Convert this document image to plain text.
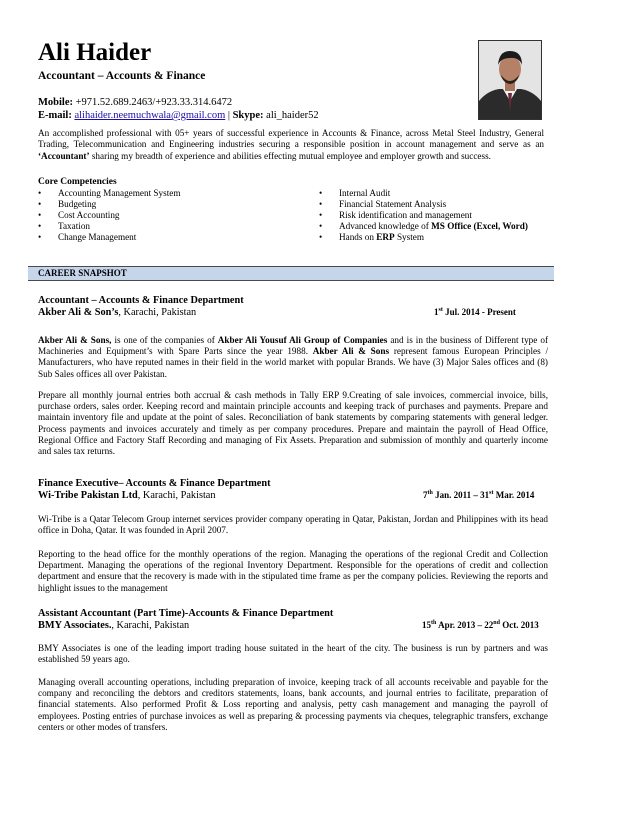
Ali Haider
Accountant – Accounts & Finance
Mobile: +971.52.689.2463/+923.33.314.6472
E-mail: alihaider.neemuchwala@gmail.com | Skype: ali_haider52

An accomplished professional with 05+ years of successful experience in Accounts & Finance, across Metal Steel Industry, General Trading, Telecommunication and Engineering industries securing a responsible position in account management and serve as an ‘Accountant’ sharing my breadth of experience and abilities effecting mutual employee and employer growth and success.

Core Competencies
• Accounting Management System
• Budgeting
• Cost Accounting
• Taxation
• Change Management
• Internal Audit
• Financial Statement Analysis
• Risk identification and management
• Advanced knowledge of MS Office (Excel, Word)
• Hands on ERP System
CAREER SNAPSHOT
Accountant – Accounts & Finance Department
Akber Ali & Son’s, Karachi, Pakistan	1st Jul. 2014 - Present

Akber Ali & Sons, is one of the companies of Akber Ali Yousuf Ali Group of Companies and is in the business of Different type of Machineries and Equipment’s with Spare Parts since the year 1988. Akber Ali & Sons represent famous European Principles / Manufacturers, who have reputed names in their field in the world market with popular Brands. We have (3) Major Sales offices and (8) Sub Sales offices all over Pakistan.

Prepare all monthly journal entries both accrual & cash methods in Tally ERP 9.Creating of sale invoices, commercial invoice, bills, purchase orders, sales order. Keeping record and maintain principle accounts and keeping track of purchases and payments. Prepare and maintain inventory file and update at the point of sales. Reconciliation of bank statements by comparing statements with general ledger. Process payments and invoices accurately and timely as per company procedures. Prepare and maintain the payroll of Head Office, Regional Office and Factory Staff Recording and managing of Fix Assets. Preparation and submission of monthly and quarterly income and sales tax returns.

Finance Executive– Accounts & Finance Department
Wi-Tribe Pakistan Ltd, Karachi, Pakistan	7th Jan. 2011 – 31st Mar. 2014

Wi-Tribe is a Qatar Telecom Group internet services provider company operating in Qatar, Pakistan, Jordan and Philippines with its head office in Doha, Qatar. It was founded in April 2007.

Reporting to the head office for the monthly operations of the region. Managing the operations of the regional Credit and Collection Department. Managing the operations of the regional Inventory Department. Responsible for the operations of credit and collection department and ensure that the recovery is made with in the stipulated time frame as per the company policies. Reviewing the reports and highlight issues to the management

Assistant Accountant (Part Time)-Accounts & Finance Department
BMY Associates., Karachi, Pakistan	15th Apr. 2013 – 22nd Oct. 2013

BMY Associates is one of the leading import trading house suitated in the heart of the city. The business is run by partners and was established 59 years ago.

Managing overall accounting operations, including preparation of invoice, keeping track of all accounts receivable and payable for the company and reconciling the debtors and creditors statements, loans, bank accounts, and journal entries to facilitate, preparation of financial statements. Also performed Profit & Loss reporting and analysis, petty cash management and managing the payroll of employees. Posting entries of purchase invoices as well as preparing & processing payments via cheques, telegraphic transfers, exchange centers or other modes of transfers.
